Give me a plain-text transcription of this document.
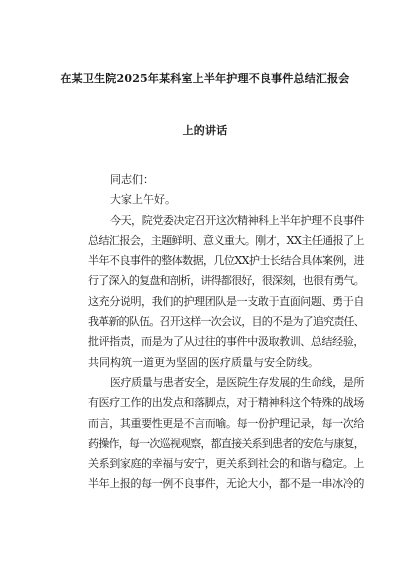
在某卫生院2025年某科室上半年护理不良事件总结汇报会
上的讲话
同志们：
大家上午好。
今天，院党委决定召开这次精神科上半年护理不良事件
总结汇报会，主题鲜明、意义重大。刚才，XX主任通报了上
半年不良事件的整体数据，几位XX护士长结合具体案例，进
行了深入的复盘和剖析，讲得都很好，很深刻，也很有勇气。
这充分说明，我们的护理团队是一支敢于直面问题、勇于自
我革新的队伍。召开这样一次会议，目的不是为了追究责任、
批评指责，而是为了从过往的事件中汲取教训、总结经验，
共同构筑一道更为坚固的医疗质量与安全防线。
医疗质量与患者安全，是医院生存发展的生命线，是所
有医疗工作的出发点和落脚点，对于精神科这个特殊的战场
而言，其重要性更是不言而喻。每一份护理记录，每一次给
药操作，每一次巡视观察，都直接关系到患者的安危与康复，
关系到家庭的幸福与安宁，更关系到社会的和谐与稳定。上
半年上报的每一例不良事件，无论大小，都不是一串冰冷的
